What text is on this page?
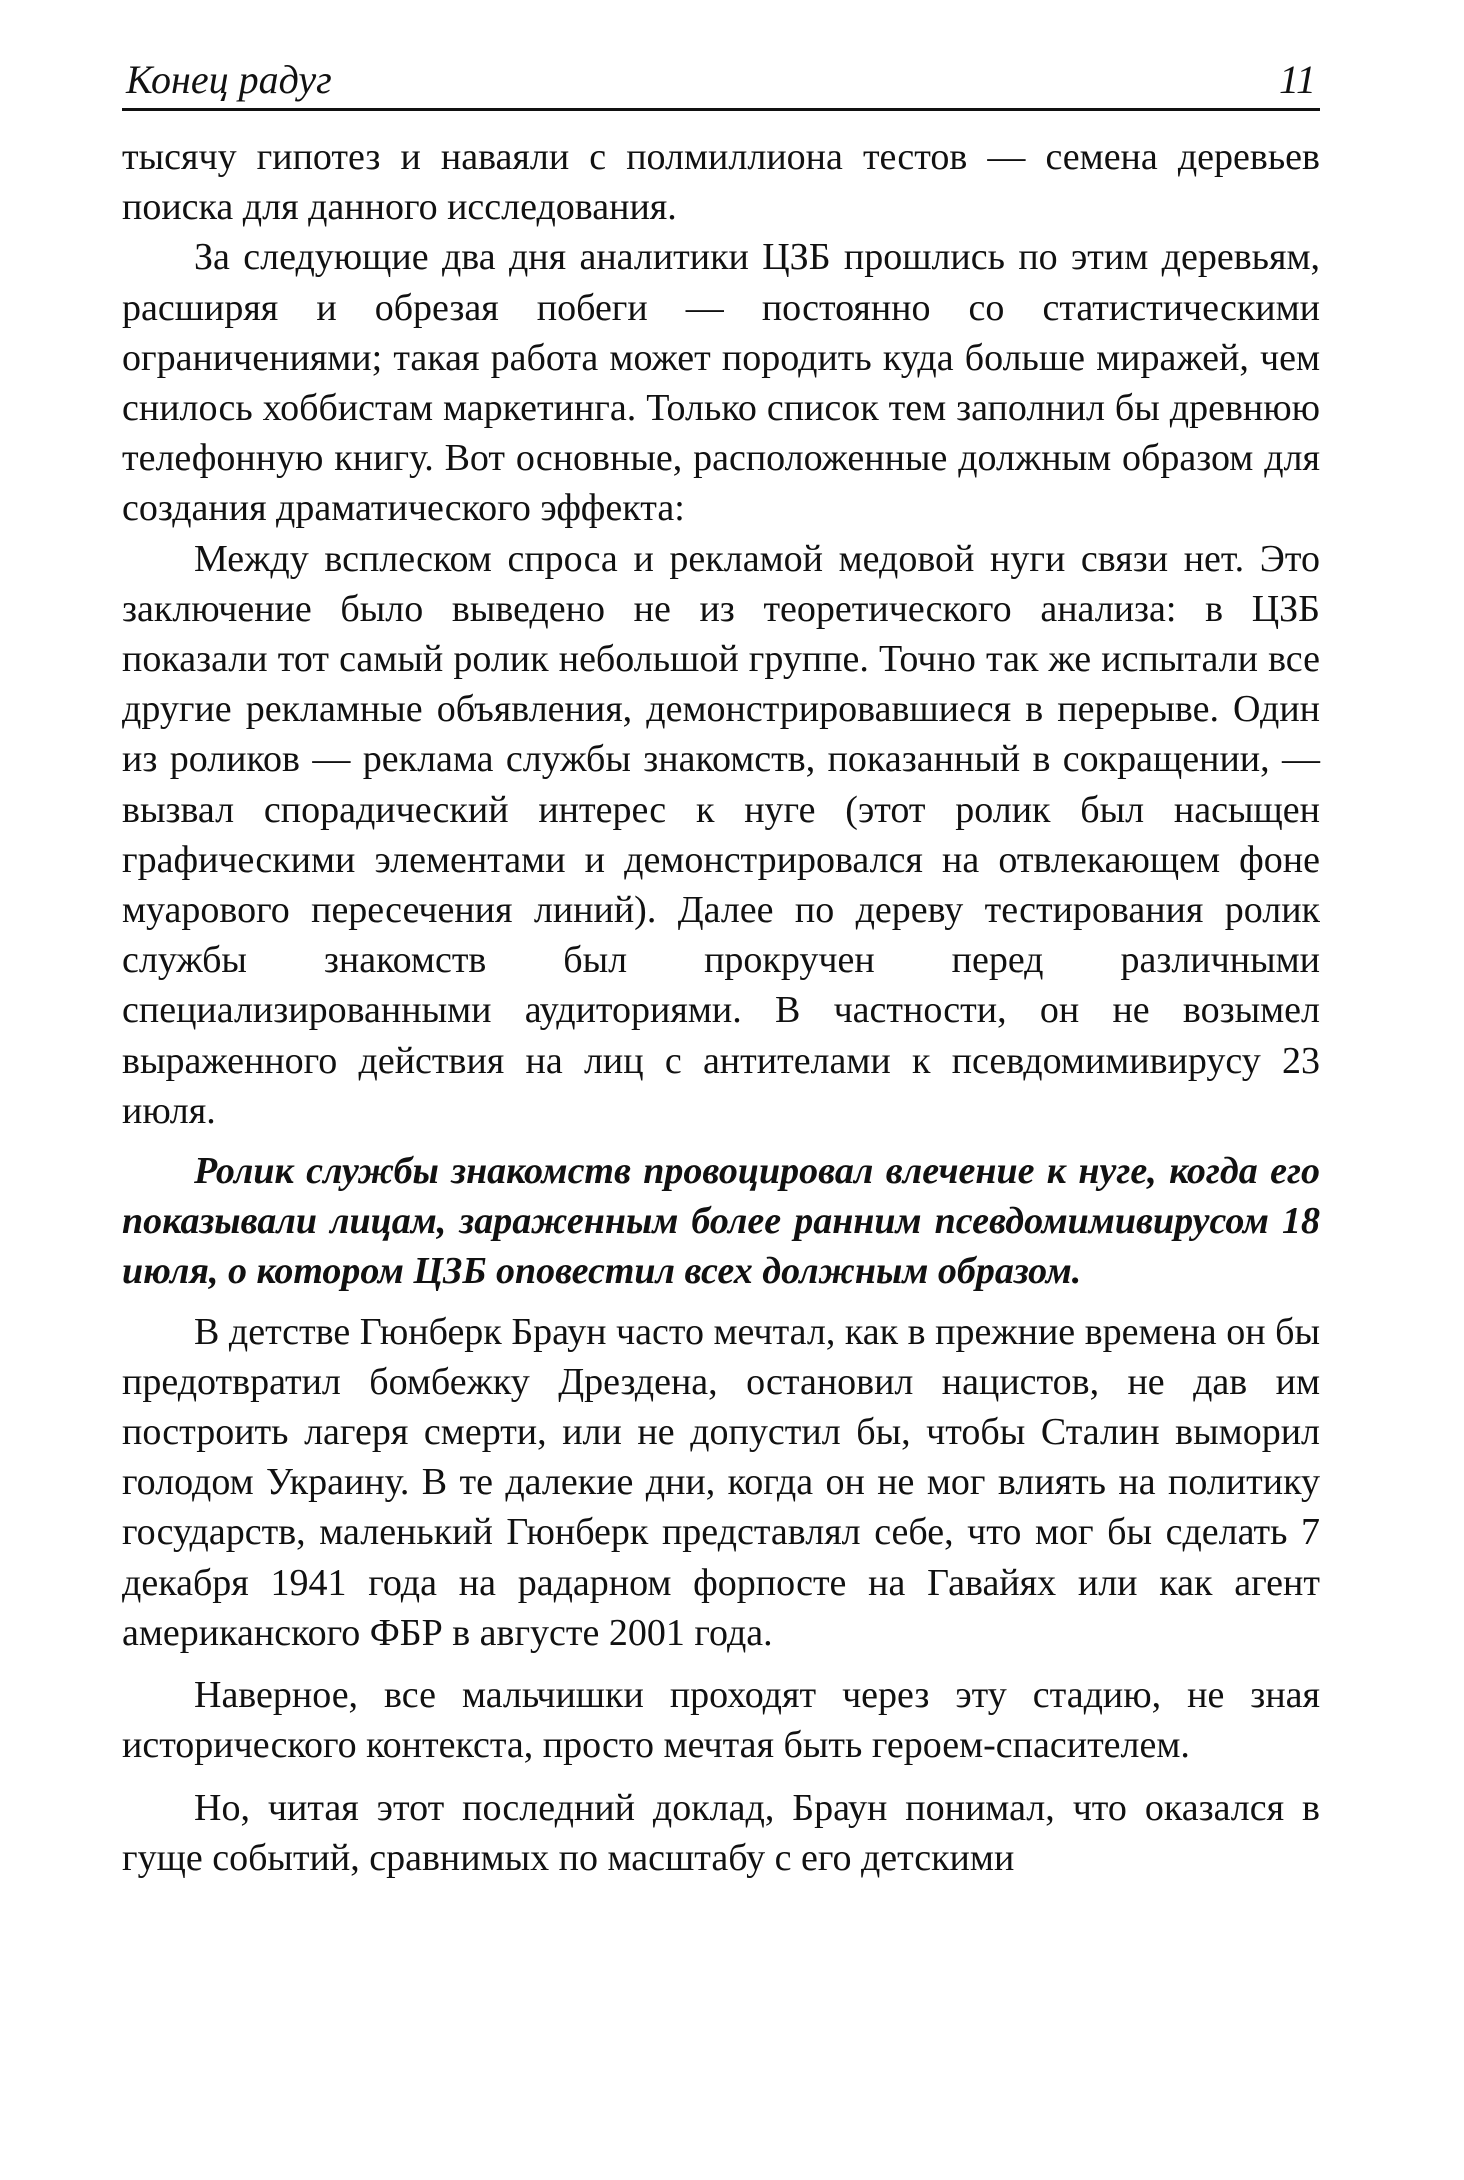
Конец радуг	11

тысячу гипотез и наваяли с полмиллиона тестов — семена деревьев поиска для данного исследования.

За следующие два дня аналитики ЦЗБ прошлись по этим деревьям, расширяя и обрезая побеги — постоянно со статистическими ограничениями; такая работа может породить куда больше миражей, чем снилось хоббистам маркетинга. Только список тем заполнил бы древнюю телефонную книгу. Вот основные, расположенные должным образом для создания драматического эффекта:

Между всплеском спроса и рекламой медовой нуги связи нет. Это заключение было выведено не из теоретического анализа: в ЦЗБ показали тот самый ролик небольшой группе. Точно так же испытали все другие рекламные объявления, демонстрировавшиеся в перерыве. Один из роликов — реклама службы знакомств, показанный в сокращении, — вызвал спорадический интерес к нуге (этот ролик был насыщен графическими элементами и демонстрировался на отвлекающем фоне муарового пересечения линий). Далее по дереву тестирования ролик службы знакомств был прокручен перед различными специализированными аудиториями. В частности, он не возымел выраженного действия на лиц с антителами к псевдомимивирусу 23 июля.

Ролик службы знакомств провоцировал влечение к нуге, когда его показывали лицам, зараженным более ранним псевдомимивирусом 18 июля, о котором ЦЗБ оповестил всех должным образом.

В детстве Гюнберк Браун часто мечтал, как в прежние времена он бы предотвратил бомбежку Дрездена, остановил нацистов, не дав им построить лагеря смерти, или не допустил бы, чтобы Сталин выморил голодом Украину. В те далекие дни, когда он не мог влиять на политику государств, маленький Гюнберк представлял себе, что мог бы сделать 7 декабря 1941 года на радарном форпосте на Гавайях или как агент американского ФБР в августе 2001 года.

Наверное, все мальчишки проходят через эту стадию, не зная исторического контекста, просто мечтая быть героем-спасителем.

Но, читая этот последний доклад, Браун понимал, что оказался в гуще событий, сравнимых по масштабу с его детскими
